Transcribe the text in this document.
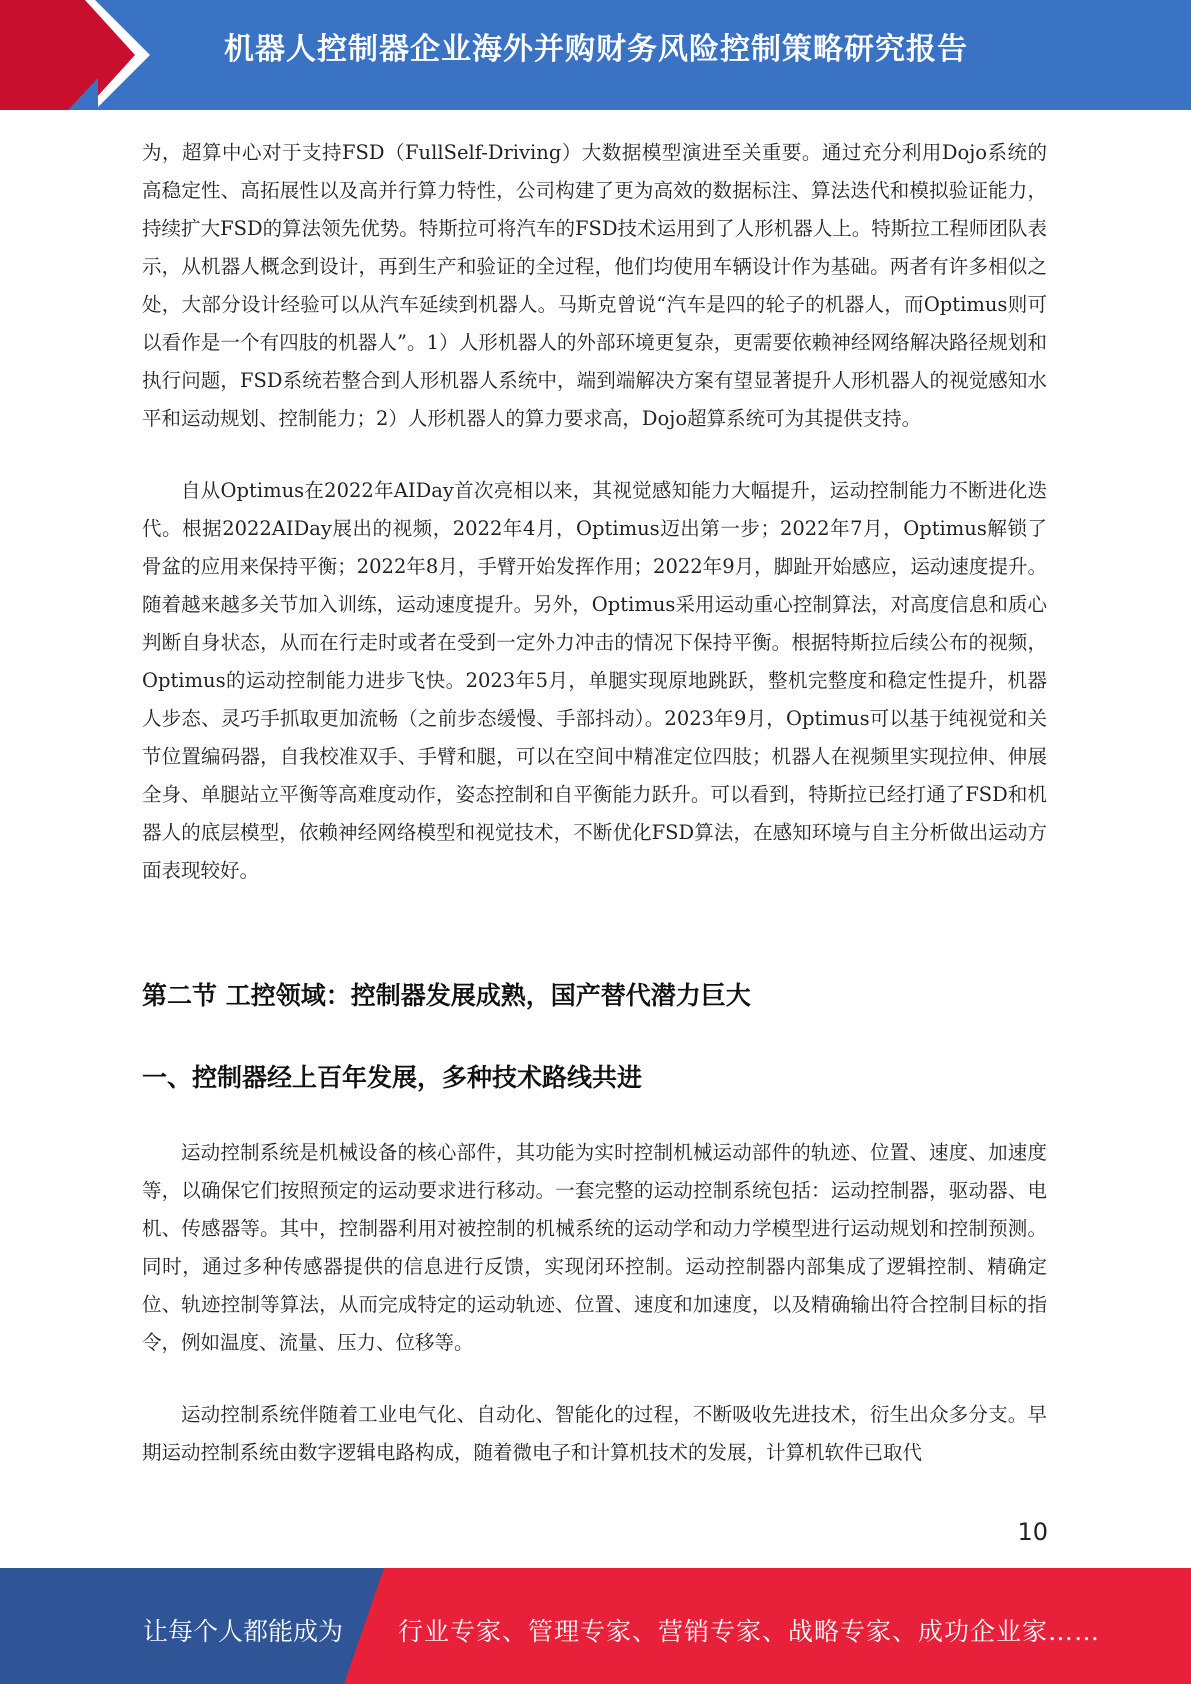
机器人控制器企业海外并购财务风险控制策略研究报告

为，超算中心对于支持FSD（FullSelf-Driving）大数据模型演进至关重要。通过充分利用Dojo系统的高稳定性、高拓展性以及高并行算力特性，公司构建了更为高效的数据标注、算法迭代和模拟验证能力，持续扩大FSD的算法领先优势。特斯拉可将汽车的FSD技术运用到了人形机器人上。特斯拉工程师团队表示，从机器人概念到设计，再到生产和验证的全过程，他们均使用车辆设计作为基础。两者有许多相似之处，大部分设计经验可以从汽车延续到机器人。马斯克曾说“汽车是四的轮子的机器人，而Optimus则可以看作是一个有四肢的机器人”。1）人形机器人的外部环境更复杂，更需要依赖神经网络解决路径规划和执行问题，FSD系统若整合到人形机器人系统中，端到端解决方案有望显著提升人形机器人的视觉感知水平和运动规划、控制能力；2）人形机器人的算力要求高，Dojo超算系统可为其提供支持。

自从Optimus在2022年AIDay首次亮相以来，其视觉感知能力大幅提升，运动控制能力不断进化迭代。根据2022AIDay展出的视频，2022年4月，Optimus迈出第一步；2022年7月，Optimus解锁了骨盆的应用来保持平衡；2022年8月，手臂开始发挥作用；2022年9月，脚趾开始感应，运动速度提升。随着越来越多关节加入训练，运动速度提升。另外，Optimus采用运动重心控制算法，对高度信息和质心判断自身状态，从而在行走时或者在受到一定外力冲击的情况下保持平衡。根据特斯拉后续公布的视频，Optimus的运动控制能力进步飞快。2023年5月，单腿实现原地跳跃，整机完整度和稳定性提升，机器人步态、灵巧手抓取更加流畅（之前步态缓慢、手部抖动）。2023年9月，Optimus可以基于纯视觉和关节位置编码器，自我校准双手、手臂和腿，可以在空间中精准定位四肢；机器人在视频里实现拉伸、伸展全身、单腿站立平衡等高难度动作，姿态控制和自平衡能力跃升。可以看到，特斯拉已经打通了FSD和机器人的底层模型，依赖神经网络模型和视觉技术，不断优化FSD算法，在感知环境与自主分析做出运动方面表现较好。

第二节 工控领域：控制器发展成熟，国产替代潜力巨大
一、控制器经上百年发展，多种技术路线共进

运动控制系统是机械设备的核心部件，其功能为实时控制机械运动部件的轨迹、位置、速度、加速度等，以确保它们按照预定的运动要求进行移动。一套完整的运动控制系统包括：运动控制器，驱动器、电机、传感器等。其中，控制器利用对被控制的机械系统的运动学和动力学模型进行运动规划和控制预测。同时，通过多种传感器提供的信息进行反馈，实现闭环控制。运动控制器内部集成了逻辑控制、精确定位、轨迹控制等算法，从而完成特定的运动轨迹、位置、速度和加速度，以及精确输出符合控制目标的指令，例如温度、流量、压力、位移等。

运动控制系统伴随着工业电气化、自动化、智能化的过程，不断吸收先进技术，衍生出众多分支。早期运动控制系统由数字逻辑电路构成，随着微电子和计算机技术的发展，计算机软件已取代

10
让每个人都能成为 行业专家、管理专家、营销专家、战略专家、成功企业家……
